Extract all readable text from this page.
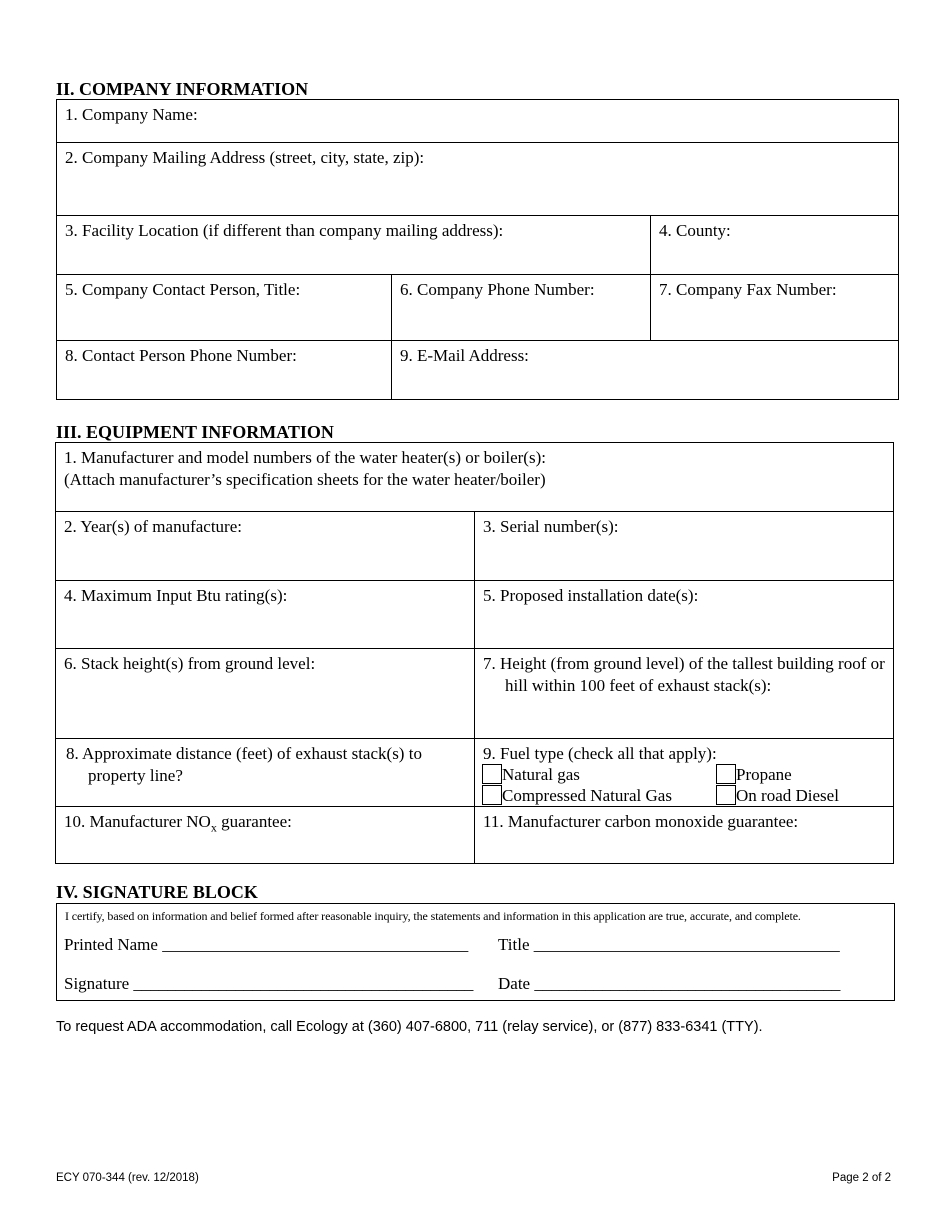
II. COMPANY INFORMATION
1. Company Name:
2. Company Mailing Address (street, city, state, zip):
3. Facility Location (if different than company mailing address):	4. County:
5. Company Contact Person, Title:	6. Company Phone Number:	7. Company Fax Number:
8. Contact Person Phone Number:	9. E-Mail Address:
III. EQUIPMENT INFORMATION
1. Manufacturer and model numbers of the water heater(s) or boiler(s):
(Attach manufacturer’s specification sheets for the water heater/boiler)
2. Year(s) of manufacture:	3. Serial number(s):
4. Maximum Input Btu rating(s):	5. Proposed installation date(s):
6. Stack height(s) from ground level:	7. Height (from ground level) of the tallest building roof or hill within 100 feet of exhaust stack(s):
8. Approximate distance (feet) of exhaust stack(s) to property line?
9. Fuel type (check all that apply):
Natural gas	Propane
Compressed Natural Gas	On road Diesel
10. Manufacturer $NO_x$ guarantee:	11. Manufacturer carbon monoxide guarantee:
IV. SIGNATURE BLOCK
I certify, based on information and belief formed after reasonable inquiry, the statements and information in this application are true, accurate, and complete.
Printed Name ____________________________________ Title ____________________________________
Signature ________________________________________ Date ____________________________________
To request ADA accommodation, call Ecology at (360) 407-6800, 711 (relay service), or (877) 833-6341 (TTY).
ECY 070-344 (rev. 12/2018)	Page 2 of 2
